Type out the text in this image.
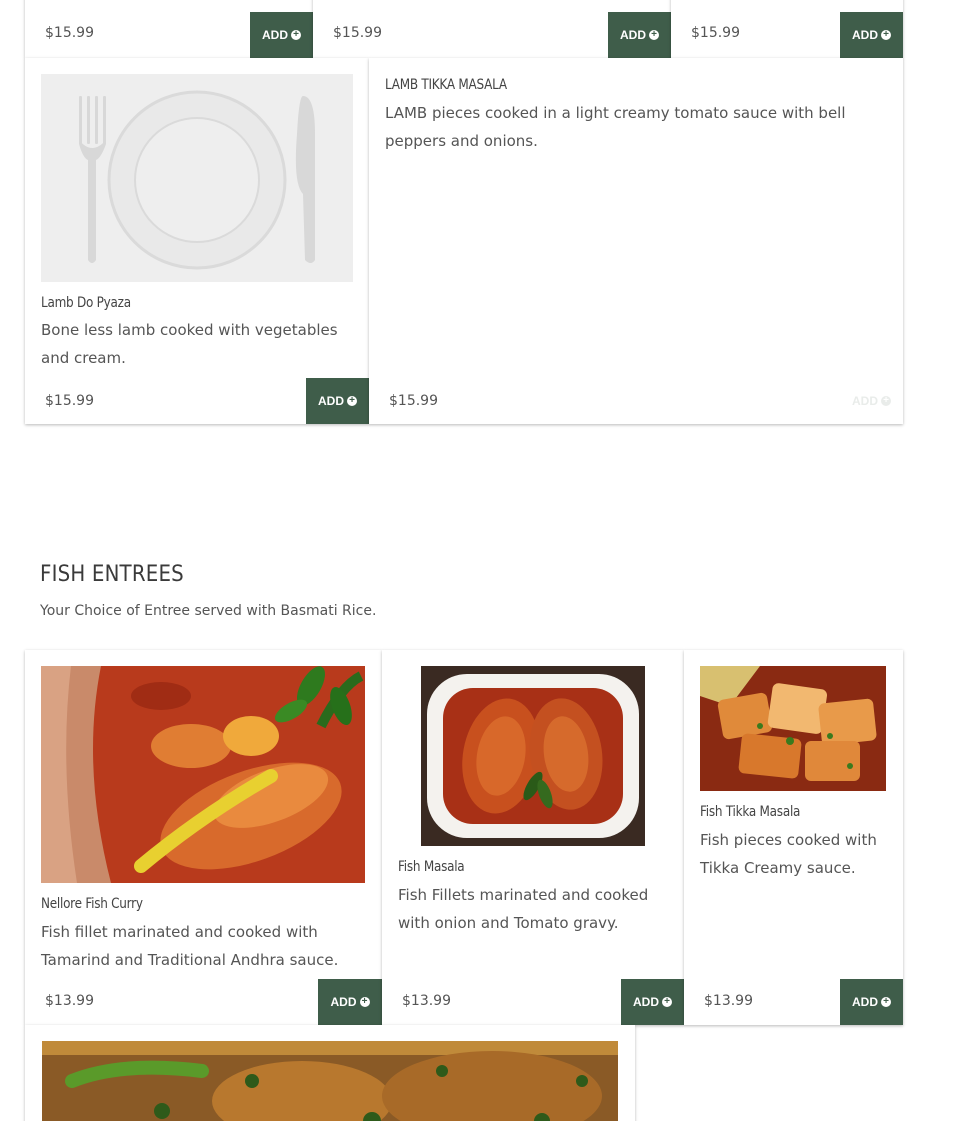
$15.99	ADD + $15.99	ADD + $15.99	ADD +
Lamb Do Pyaza
Bone less lamb cooked with vegetables and cream.
$15.99	ADD +
LAMB TIKKA MASALA
LAMB pieces cooked in a light creamy tomato sauce with bell peppers and onions.
$15.99	ADD +
FISH ENTREES
Your Choice of Entree served with Basmati Rice.
Nellore Fish Curry
Fish fillet marinated and cooked with Tamarind and Traditional Andhra sauce.
$13.99	ADD +
Fish Masala
Fish Fillets marinated and cooked with onion and Tomato gravy.
$13.99	ADD +
Fish Tikka Masala
Fish pieces cooked with Tikka Creamy sauce.
$13.99	ADD +
